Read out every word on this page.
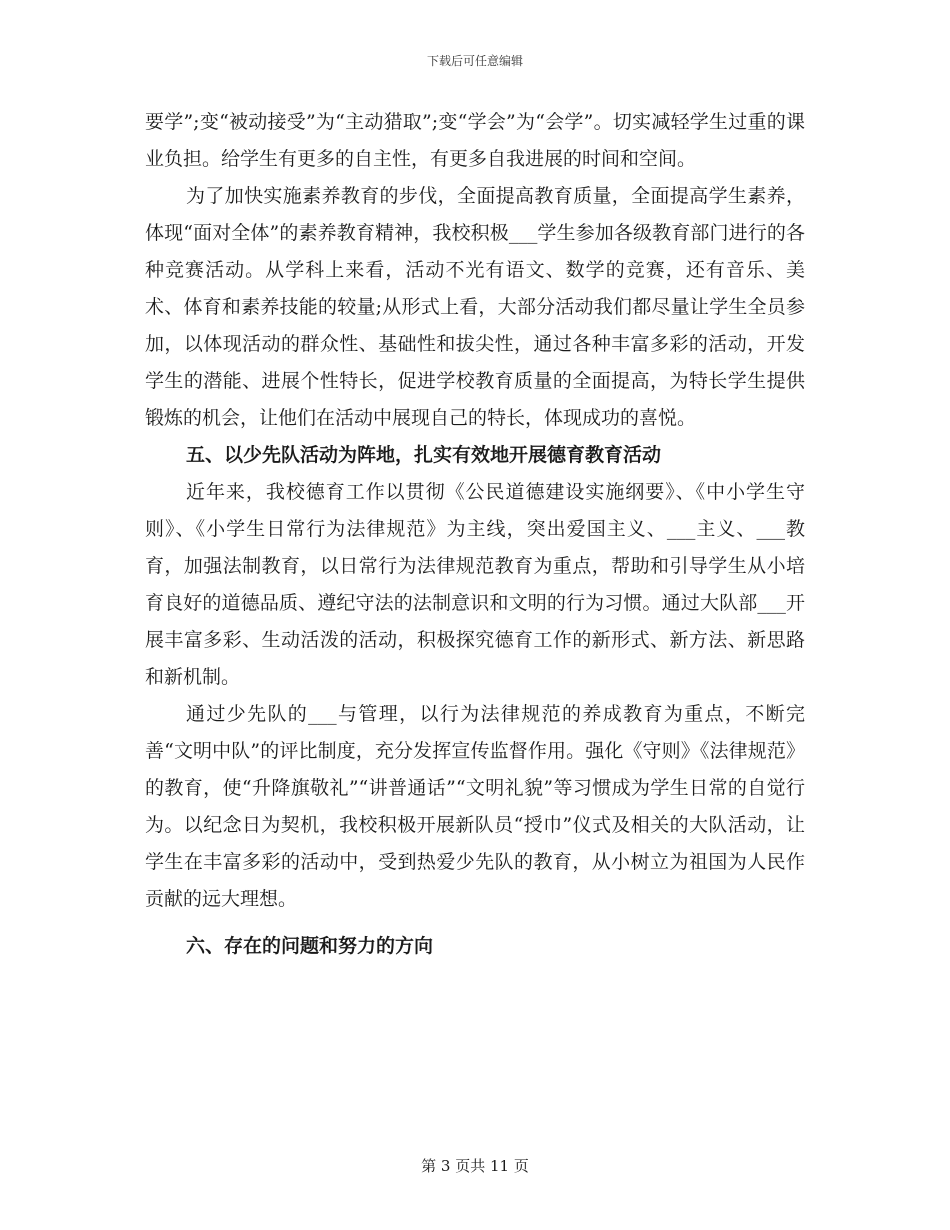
下载后可任意编辑

要学”;变“被动接受”为“主动猎取”;变“学会”为“会学”。切实减轻学生过重的课业负担。给学生有更多的自主性，有更多自我进展的时间和空间。

为了加快实施素养教育的步伐，全面提高教育质量，全面提高学生素养，体现“面对全体”的素养教育精神，我校积极___学生参加各级教育部门进行的各种竞赛活动。从学科上来看，活动不光有语文、数学的竞赛，还有音乐、美术、体育和素养技能的较量;从形式上看，大部分活动我们都尽量让学生全员参加，以体现活动的群众性、基础性和拔尖性，通过各种丰富多彩的活动，开发学生的潜能、进展个性特长，促进学校教育质量的全面提高，为特长学生提供锻炼的机会，让他们在活动中展现自己的特长，体现成功的喜悦。

五、以少先队活动为阵地，扎实有效地开展德育教育活动

近年来，我校德育工作以贯彻《公民道德建设实施纲要》、《中小学生守则》、《小学生日常行为法律规范》为主线，突出爱国主义、___主义、___教育，加强法制教育，以日常行为法律规范教育为重点，帮助和引导学生从小培育良好的道德品质、遵纪守法的法制意识和文明的行为习惯。通过大队部___开展丰富多彩、生动活泼的活动，积极探究德育工作的新形式、新方法、新思路和新机制。

通过少先队的___与管理，以行为法律规范的养成教育为重点，不断完善“文明中队”的评比制度，充分发挥宣传监督作用。强化《守则》《法律规范》的教育，使“升降旗敬礼”“讲普通话”“文明礼貌”等习惯成为学生日常的自觉行为。以纪念日为契机，我校积极开展新队员“授巾”仪式及相关的大队活动，让学生在丰富多彩的活动中，受到热爱少先队的教育，从小树立为祖国为人民作贡献的远大理想。

六、存在的问题和努力的方向

第 3 页共 11 页
